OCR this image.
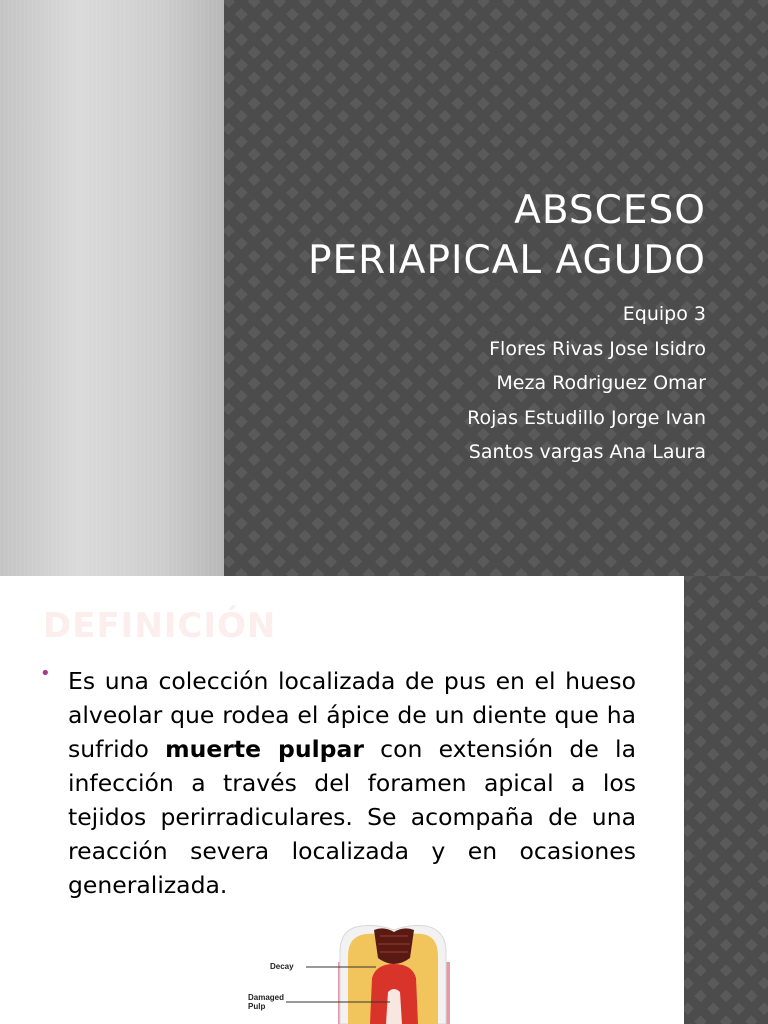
ABSCESO
PERIAPICAL AGUDO
Equipo 3
Flores Rivas Jose Isidro
Meza Rodriguez Omar
Rojas Estudillo Jorge Ivan
Santos vargas Ana Laura
DEFINICIÓN
• Es una colección localizada de pus en el hueso alveolar que rodea el ápice de un diente que ha sufrido muerte pulpar con extensión de la infección a través del foramen apical a los tejidos perirradiculares. Se acompaña de una reacción severa localizada y en ocasiones generalizada.

Decay
Damaged
Pulp
